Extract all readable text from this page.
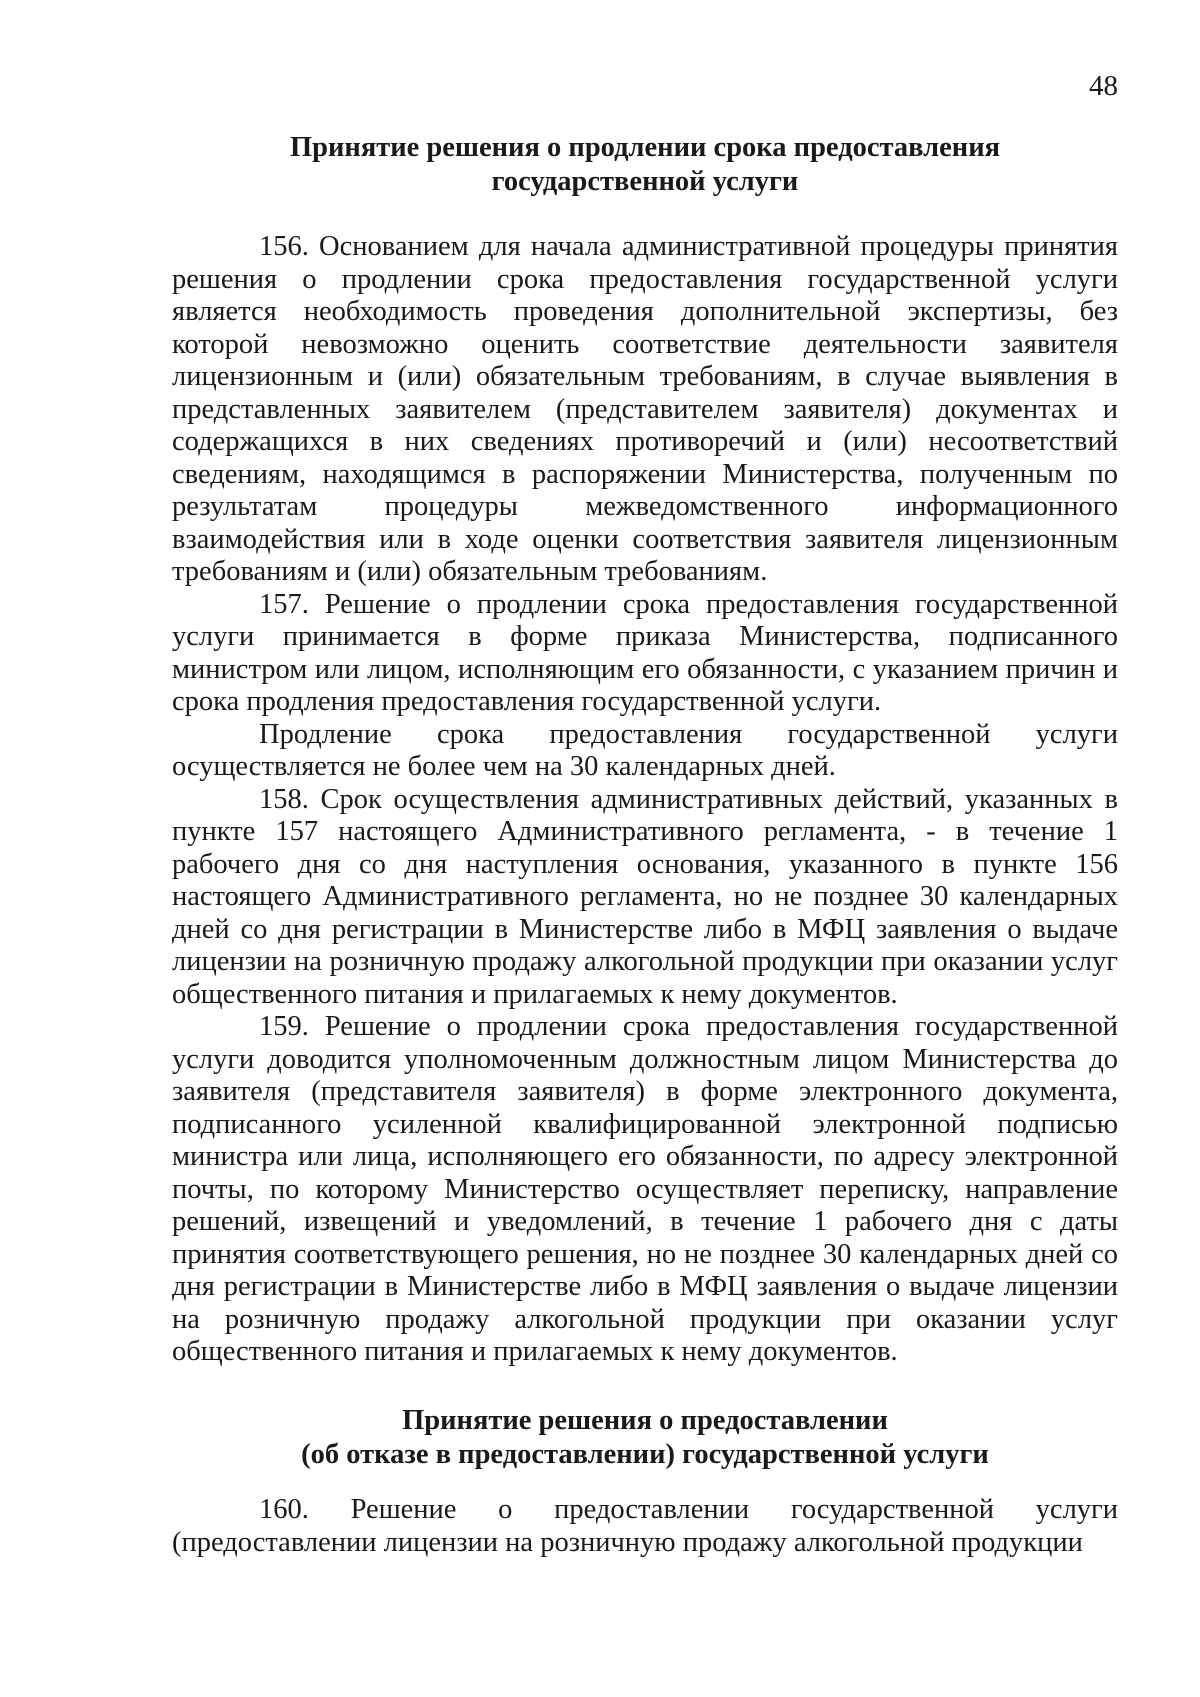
48
Принятие решения о продлении срока предоставления
государственной услуги

156. Основанием для начала административной процедуры принятия решения о продлении срока предоставления государственной услуги является необходимость проведения дополнительной экспертизы, без которой невозможно оценить соответствие деятельности заявителя лицензионным и (или) обязательным требованиям, в случае выявления в представленных заявителем (представителем заявителя) документах и содержащихся в них сведениях противоречий и (или) несоответствий сведениям, находящимся в распоряжении Министерства, полученным по результатам процедуры межведомственного информационного взаимодействия или в ходе оценки соответствия заявителя лицензионным требованиям и (или) обязательным требованиям.

157. Решение о продлении срока предоставления государственной услуги принимается в форме приказа Министерства, подписанного министром или лицом, исполняющим его обязанности, с указанием причин и срока продления предоставления государственной услуги.

Продление срока предоставления государственной услуги осуществляется не более чем на 30 календарных дней.

158. Срок осуществления административных действий, указанных в пункте 157 настоящего Административного регламента, - в течение 1 рабочего дня со дня наступления основания, указанного в пункте 156 настоящего Административного регламента, но не позднее 30 календарных дней со дня регистрации в Министерстве либо в МФЦ заявления о выдаче лицензии на розничную продажу алкогольной продукции при оказании услуг общественного питания и прилагаемых к нему документов.

159. Решение о продлении срока предоставления государственной услуги доводится уполномоченным должностным лицом Министерства до заявителя (представителя заявителя) в форме электронного документа, подписанного усиленной квалифицированной электронной подписью министра или лица, исполняющего его обязанности, по адресу электронной почты, по которому Министерство осуществляет переписку, направление решений, извещений и уведомлений, в течение 1 рабочего дня с даты принятия соответствующего решения, но не позднее 30 календарных дней со дня регистрации в Министерстве либо в МФЦ заявления о выдаче лицензии на розничную продажу алкогольной продукции при оказании услуг общественного питания и прилагаемых к нему документов.

Принятие решения о предоставлении
(об отказе в предоставлении) государственной услуги

160. Решение о предоставлении государственной услуги (предоставлении лицензии на розничную продажу алкогольной продукции
